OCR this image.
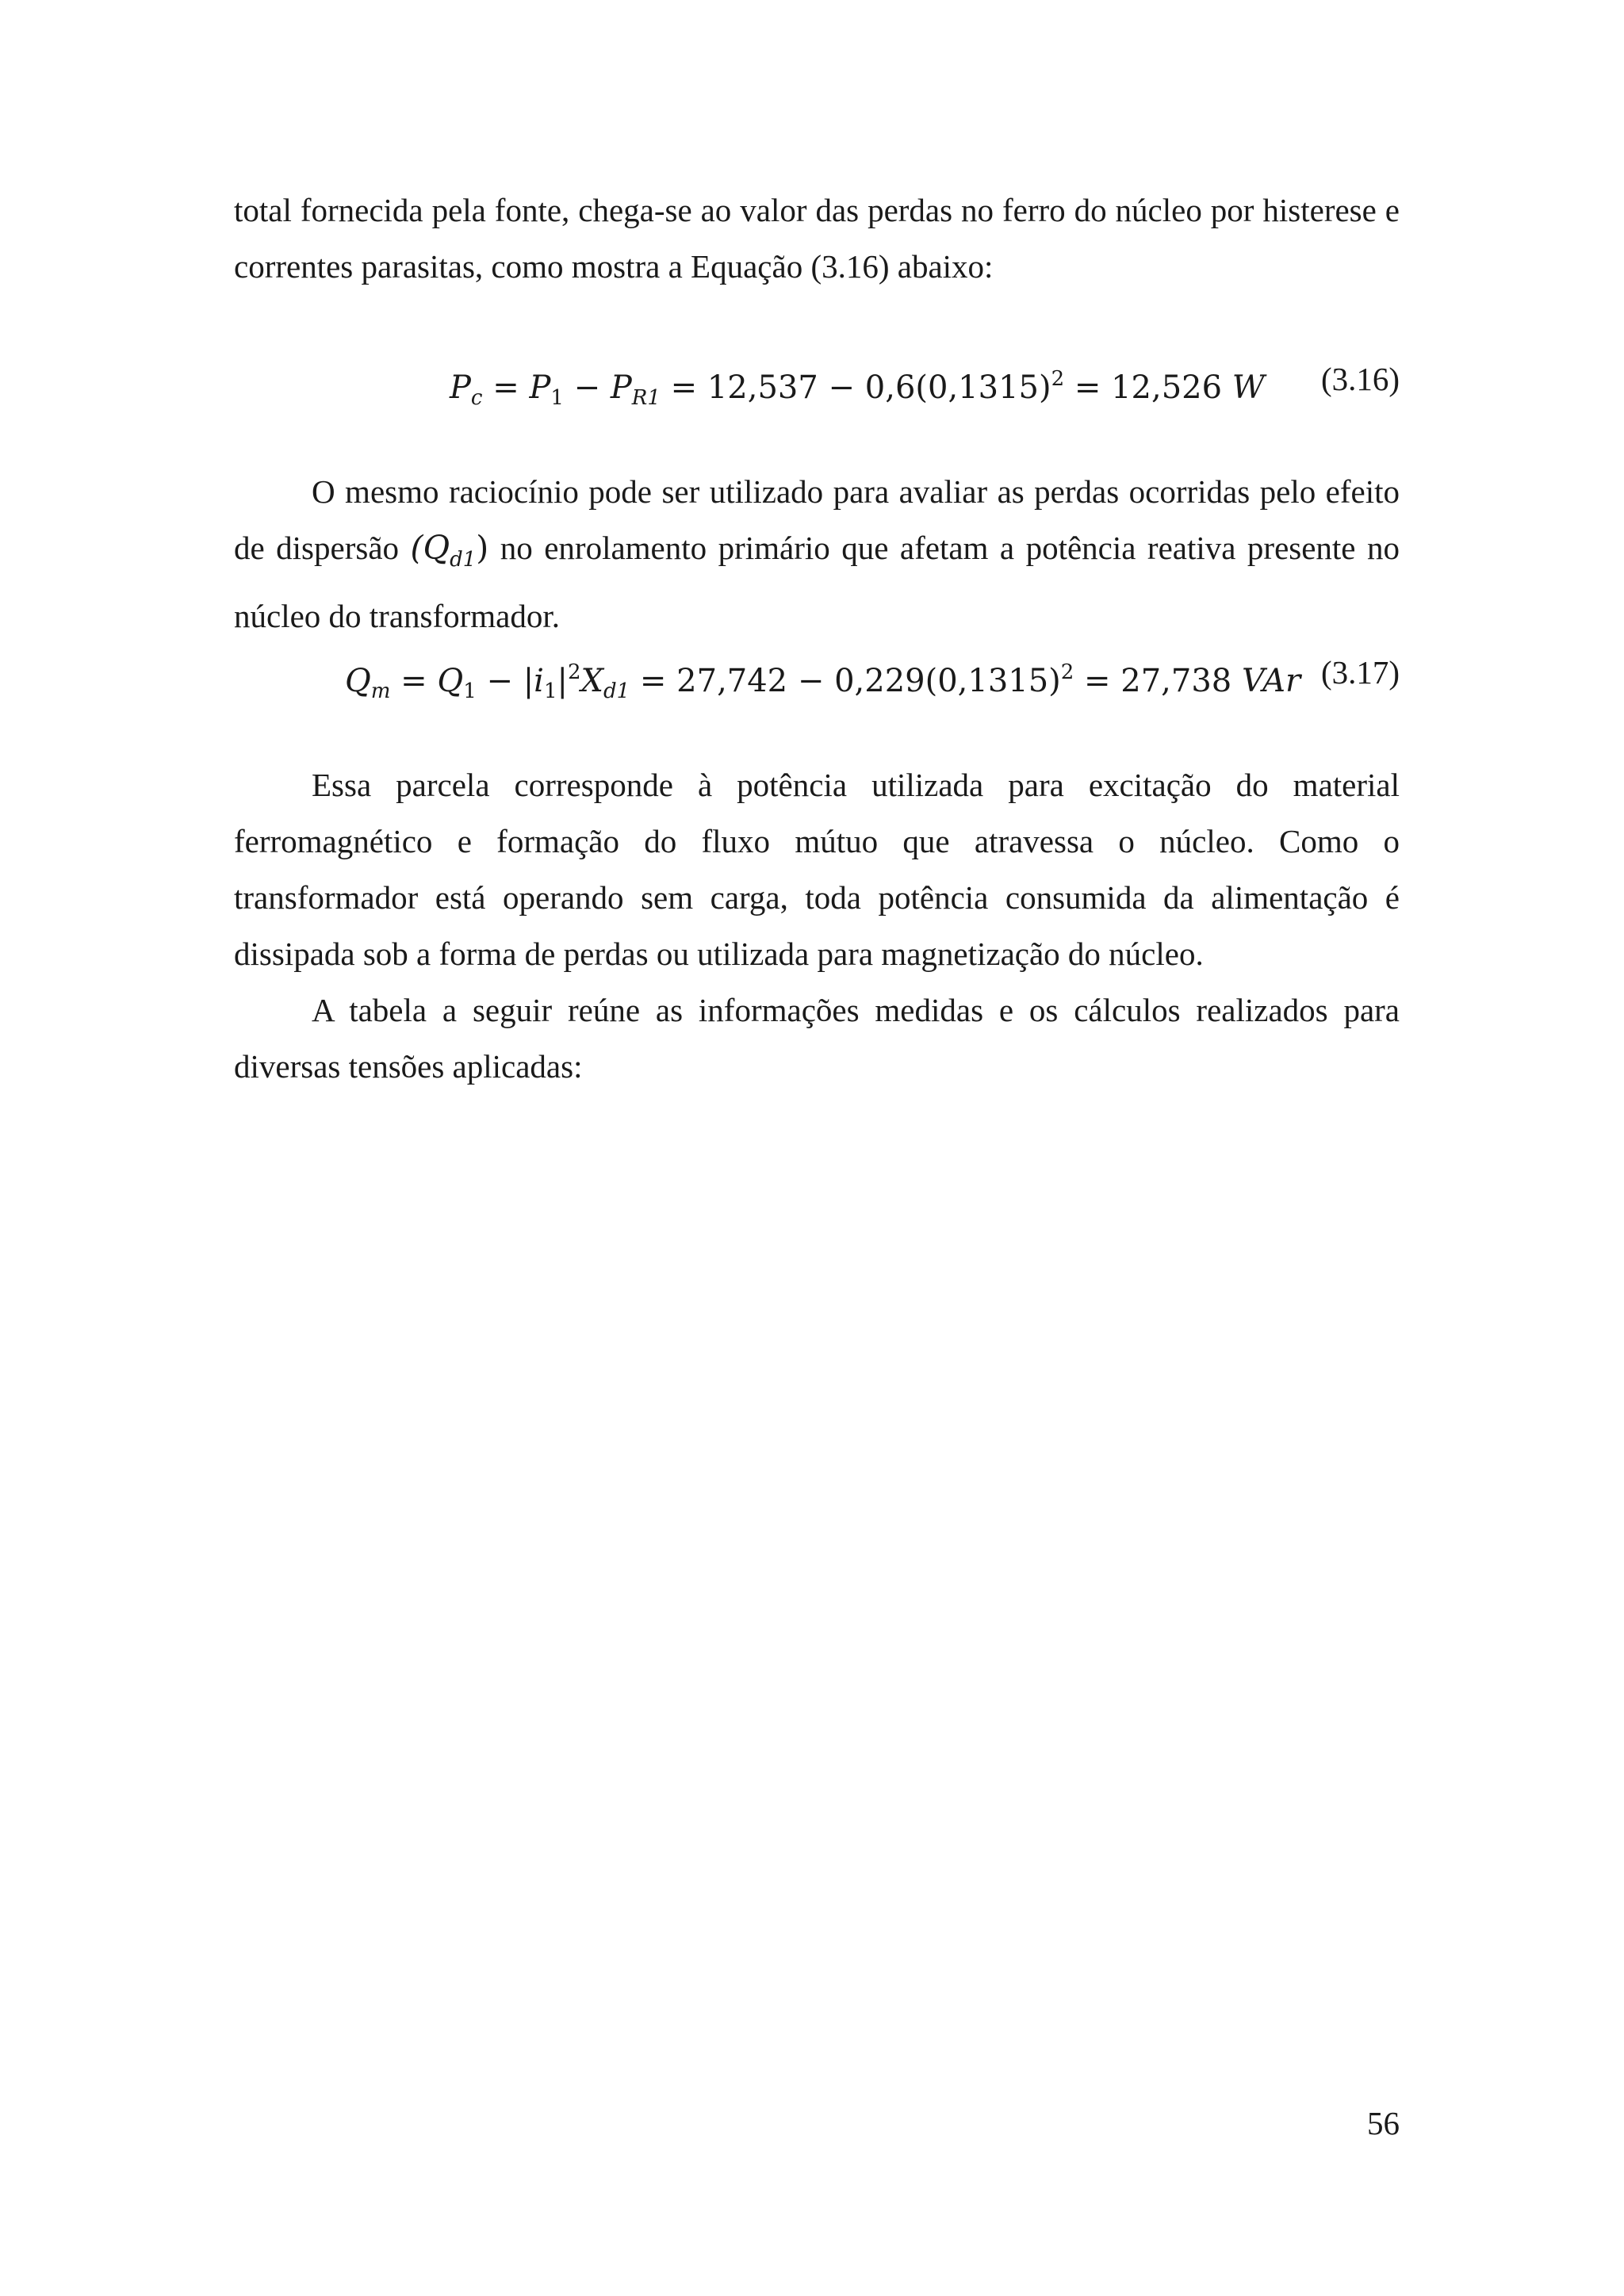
total fornecida pela fonte, chega-se ao valor das perdas no ferro do núcleo por histerese e correntes parasitas, como mostra a Equação (3.16) abaixo:

$P_c = P_1 - P_{R1} = 12,537 - 0,6(0,1315)^2 = 12,526$ W (3.16)

O mesmo raciocínio pode ser utilizado para avaliar as perdas ocorridas pelo efeito de dispersão $(Q_{d1})$ no enrolamento primário que afetam a potência reativa presente no núcleo do transformador.

$Q_m = Q_1 - |i_1|^2X_{d1} = 27,742 - 0,229(0,1315)^2 = 27,738$ VAr (3.17)

Essa parcela corresponde à potência utilizada para excitação do material ferromagnético e formação do fluxo mútuo que atravessa o núcleo. Como o transformador está operando sem carga, toda potência consumida da alimentação é dissipada sob a forma de perdas ou utilizada para magnetização do núcleo.

A tabela a seguir reúne as informações medidas e os cálculos realizados para diversas tensões aplicadas:

56
